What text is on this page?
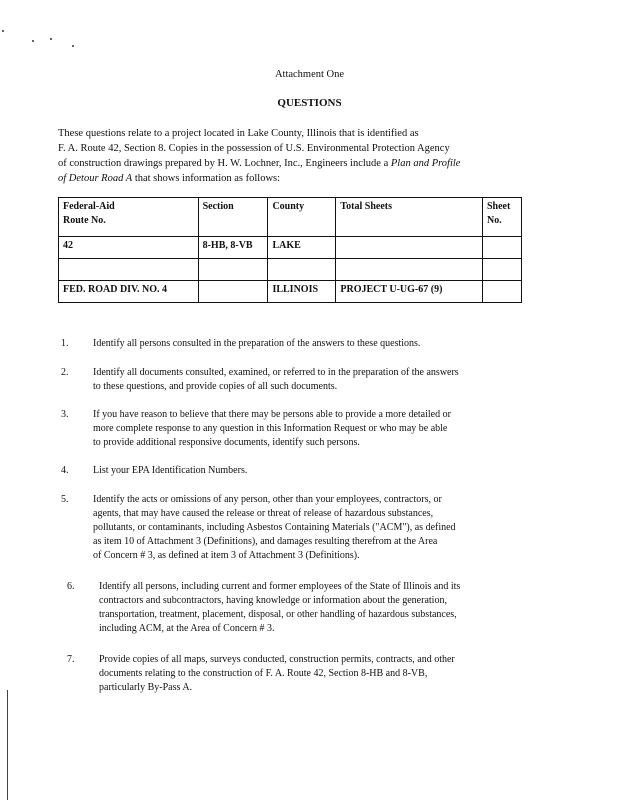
Attachment One
QUESTIONS

These questions relate to a project located in Lake County, Illinois that is identified as

F. A. Route 42, Section 8. Copies in the possession of U.S. Environmental Protection Agency

of construction drawings prepared by H. W. Lochner, Inc., Engineers include a Plan and Profile

of Detour Road A that shows information as follows:

Federal-Aid
Route No.	Section	County	Total Sheets	Sheet
No.
42	8-HB, 8-VB	LAKE		

FED. ROAD DIV. NO. 4		ILLINOIS	PROJECT U-UG-67 (9)	
1. Identify all persons consulted in the preparation of the answers to these questions.
2. Identify all documents consulted, examined, or referred to in the preparation of the answers
to these questions, and provide copies of all such documents.
3. If you have reason to believe that there may be persons able to provide a more detailed or
more complete response to any question in this Information Request or who may be able
to provide additional responsive documents, identify such persons.
4. List your EPA Identification Numbers.
5. Identify the acts or omissions of any person, other than your employees, contractors, or
agents, that may have caused the release or threat of release of hazardous substances,
pollutants, or contaminants, including Asbestos Containing Materials ("ACM"), as defined
as item 10 of Attachment 3 (Definitions), and damages resulting therefrom at the Area
of Concern # 3, as defined at item 3 of Attachment 3 (Definitions).
6. Identify all persons, including current and former employees of the State of Illinois and its
contractors and subcontractors, having knowledge or information about the generation,
transportation, treatment, placement, disposal, or other handling of hazardous substances,
including ACM, at the Area of Concern # 3.
7. Provide copies of all maps, surveys conducted, construction permits, contracts, and other
documents relating to the construction of F. A. Route 42, Section 8-HB and 8-VB,
particularly By-Pass A.
